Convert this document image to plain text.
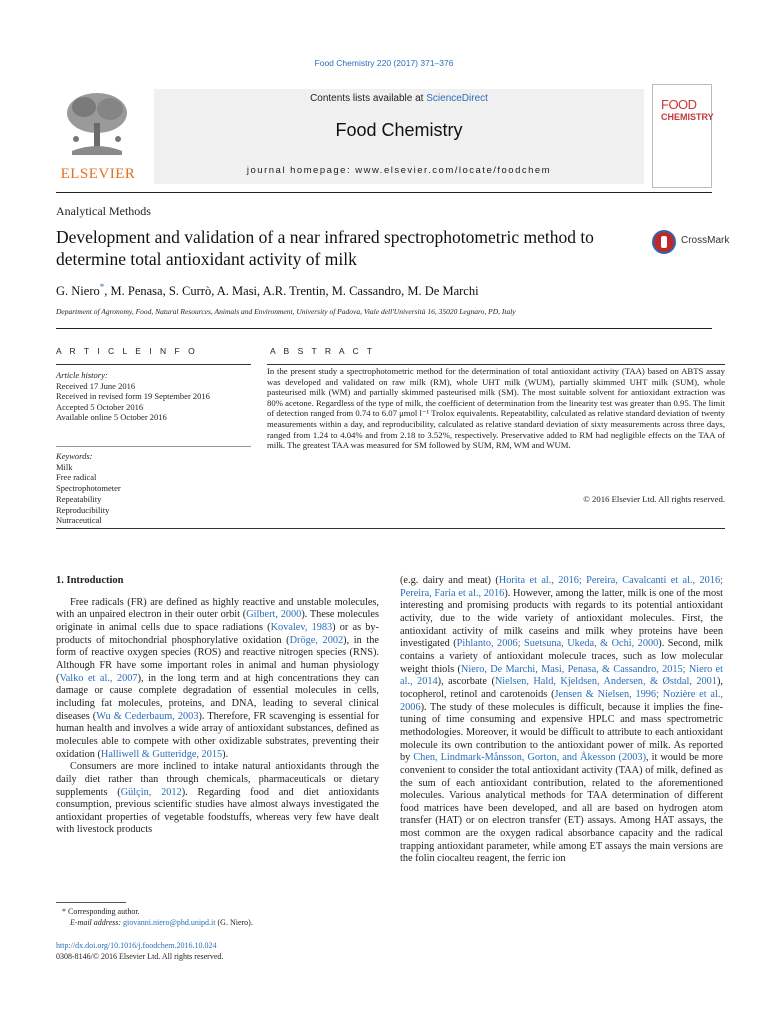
Food Chemistry 220 (2017) 371–376
ELSEVIER
Contents lists available at ScienceDirect
Food Chemistry
journal homepage: www.elsevier.com/locate/foodchem
FOOD
CHEMISTRY
Analytical Methods
Development and validation of a near infrared spectrophotometric method to determine total antioxidant activity of milk
CrossMark
G. Niero*, M. Penasa, S. Currò, A. Masi, A.R. Trentin, M. Cassandro, M. De Marchi
Department of Agronomy, Food, Natural Resources, Animals and Environment, University of Padova, Viale dell'Università 16, 35020 Legnaro, PD, Italy
A R T I C L E I N F O	A B S T R A C T
Article history:
Received 17 June 2016
Received in revised form 19 September 2016
Accepted 5 October 2016
Available online 5 October 2016
Keywords:
Milk
Free radical
Spectrophotometer
Repeatability
Reproducibility
Nutraceutical
In the present study a spectrophotometric method for the determination of total antioxidant activity (TAA) based on ABTS assay was developed and validated on raw milk (RM), whole UHT milk (WUM), partially skimmed UHT milk (SUM), whole pasteurised milk (WM) and partially skimmed pasteurised milk (SM). The most suitable solvent for antioxidant extraction was 80% acetone. Regardless of the type of milk, the coefficient of determination from the linearity test was greater than 0.95. The limit of detection ranged from 0.74 to 6.07 μmol l⁻¹ Trolox equivalents. Repeatability, calculated as relative standard deviation of twenty measurements within a day, and reproducibility, calculated as relative standard deviation of sixty measurements across three days, ranged from 1.24 to 4.04% and from 2.18 to 3.52%, respectively. Preservative added to RM had negligible effects on the TAA of milk. The greatest TAA was measured for SM followed by SUM, RM, WM and WUM.
© 2016 Elsevier Ltd. All rights reserved.
1. Introduction

Free radicals (FR) are defined as highly reactive and unstable molecules, with an unpaired electron in their outer orbit (Gilbert, 2000). These molecules originate in animal cells due to space radiations (Kovalev, 1983) or as by-products of mitochondrial phosphorylative oxidation (Dröge, 2002), in the form of reactive oxygen species (ROS) and reactive nitrogen species (RNS). Although FR have some important roles in animal and human physiology (Valko et al., 2007), in the long term and at high concentrations they can damage or cause complete degradation of essential molecules in cells, including fat molecules, proteins, and DNA, leading to several clinical diseases (Wu & Cederbaum, 2003). Therefore, FR scavenging is essential for human health and involves a wide array of antioxidant substances, defined as molecules able to compete with other oxidizable substrates, preventing their oxidation (Halliwell & Gutteridge, 2015).

Consumers are more inclined to intake natural antioxidants through the daily diet rather than through chemicals, pharmaceuticals or dietary supplements (Gülçin, 2012). Regarding food and diet antioxidants consumption, previous scientific studies have almost always investigated the antioxidant properties of vegetable foodstuffs, whereas very few have dealt with livestock products

(e.g. dairy and meat) (Horita et al., 2016; Pereira, Cavalcanti et al., 2016; Pereira, Faria et al., 2016). However, among the latter, milk is one of the most interesting and promising products with regards to its potential antioxidant activity, due to the wide variety of antioxidant molecules. First, the antioxidant activity of milk caseins and milk whey proteins have been investigated (Pihlanto, 2006; Suetsuna, Ukeda, & Ochi, 2000). Second, milk contains a variety of antioxidant molecule traces, such as low molecular weight thiols (Niero, De Marchi, Masi, Penasa, & Cassandro, 2015; Niero et al., 2014), ascorbate (Nielsen, Hald, Kjeldsen, Andersen, & Østdal, 2001), tocopherol, retinol and carotenoids (Jensen & Nielsen, 1996; Nozière et al., 2006). The study of these molecules is difficult, because it implies the fine-tuning of time consuming and expensive HPLC and mass spectrometric methodologies. Moreover, it would be difficult to attribute to each antioxidant molecule its own contribution to the antioxidant power of milk. As reported by Chen, Lindmark-Månsson, Gorton, and Åkesson (2003), it would be more convenient to consider the total antioxidant activity (TAA) of milk, defined as the sum of each antioxidant contribution, related to the aforementioned molecules. Various analytical methods for TAA determination of different food matrices have been developed, and all are based on hydrogen atom transfer (HAT) or on electron transfer (ET) assays. Among HAT assays, the most common are the oxygen radical absorbance capacity and the radical trapping antioxidant parameter, while among ET assays the main versions are the folin ciocalteu reagent, the ferric ion

* Corresponding author.
E-mail address: giovanni.niero@phd.unipd.it (G. Niero).
http://dx.doi.org/10.1016/j.foodchem.2016.10.024
0308-8146/© 2016 Elsevier Ltd. All rights reserved.
